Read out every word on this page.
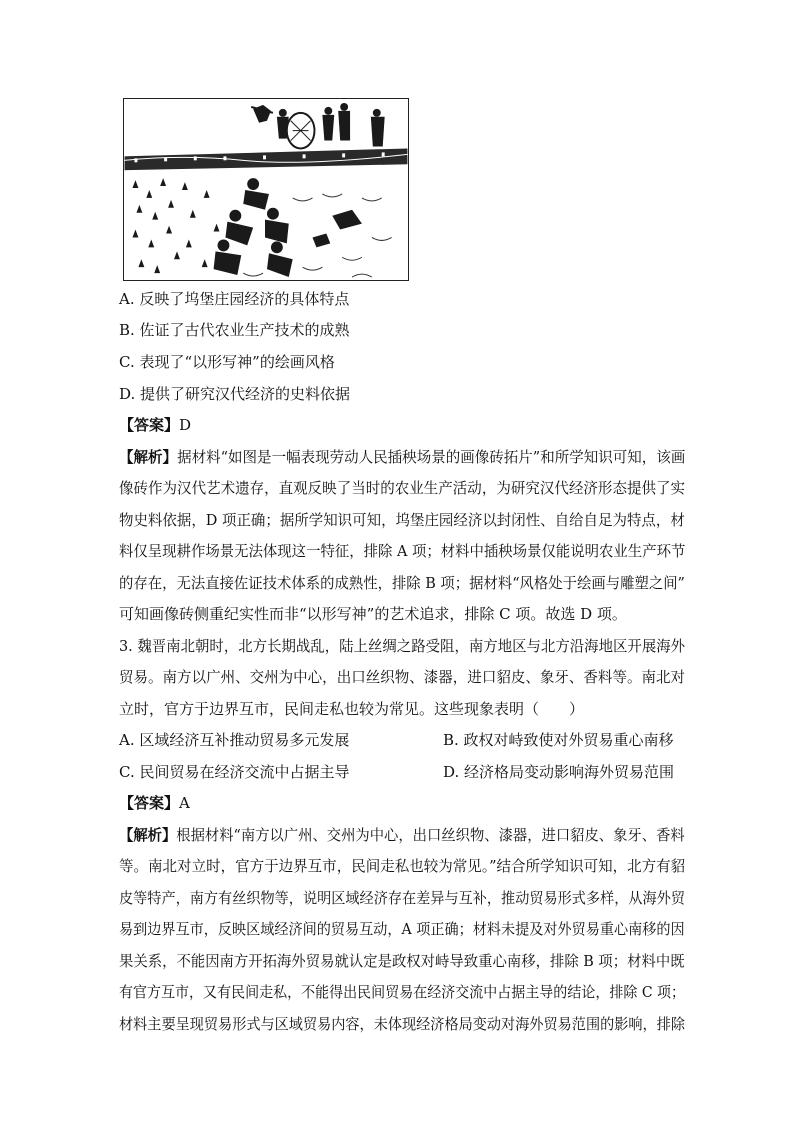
A. 反映了坞堡庄园经济的具体特点
B. 佐证了古代农业生产技术的成熟
C. 表现了“以形写神”的绘画风格
D. 提供了研究汉代经济的史料依据
【答案】D
【解析】据材料“如图是一幅表现劳动人民插秧场景的画像砖拓片”和所学知识可知，该画
像砖作为汉代艺术遗存，直观反映了当时的农业生产活动，为研究汉代经济形态提供了实
物史料依据，D 项正确；据所学知识可知，坞堡庄园经济以封闭性、自给自足为特点，材
料仅呈现耕作场景无法体现这一特征，排除 A 项；材料中插秧场景仅能说明农业生产环节
的存在，无法直接佐证技术体系的成熟性，排除 B 项；据材料“风格处于绘画与雕塑之间”
可知画像砖侧重纪实性而非“以形写神”的艺术追求，排除 C 项。故选 D 项。
3. 魏晋南北朝时，北方长期战乱，陆上丝绸之路受阻，南方地区与北方沿海地区开展海外
贸易。南方以广州、交州为中心，出口丝织物、漆器，进口貂皮、象牙、香料等。南北对
立时，官方于边界互市，民间走私也较为常见。这些现象表明（　　）
A. 区域经济互补推动贸易多元发展	B. 政权对峙致使对外贸易重心南移
C. 民间贸易在经济交流中占据主导	D. 经济格局变动影响海外贸易范围
【答案】A
【解析】根据材料“南方以广州、交州为中心，出口丝织物、漆器，进口貂皮、象牙、香料
等。南北对立时，官方于边界互市，民间走私也较为常见。”结合所学知识可知，北方有貂
皮等特产，南方有丝织物等，说明区域经济存在差异与互补，推动贸易形式多样，从海外贸
易到边界互市，反映区域经济间的贸易互动，A 项正确；材料未提及对外贸易重心南移的因
果关系，不能因南方开拓海外贸易就认定是政权对峙导致重心南移，排除 B 项；材料中既
有官方互市，又有民间走私，不能得出民间贸易在经济交流中占据主导的结论，排除 C 项；
材料主要呈现贸易形式与区域贸易内容，未体现经济格局变动对海外贸易范围的影响，排除
